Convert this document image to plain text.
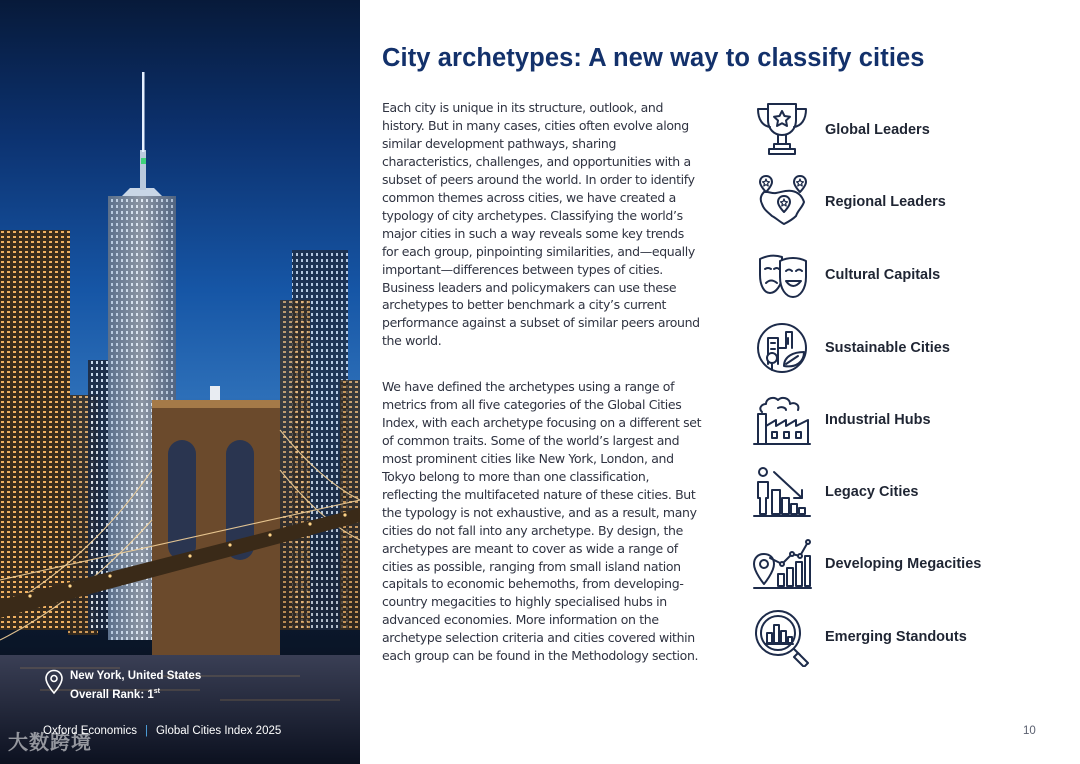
New York, United States
Overall Rank: 1st
Oxford Economics | Global Cities Index 2025
大数跨境
City archetypes: A new way to classify cities

Each city is unique in its structure, outlook, and history. But in many cases, cities often evolve along similar development pathways, sharing characteristics, challenges, and opportunities with a subset of peers around the world. In order to identify common themes across cities, we have created a typology of city archetypes. Classifying the world’s major cities in such a way reveals some key trends for each group, pinpointing similarities, and—equally important—differences between types of cities. Business leaders and policymakers can use these archetypes to better benchmark a city’s current performance against a subset of similar peers around the world.

We have defined the archetypes using a range of metrics from all five categories of the Global Cities Index, with each archetype focusing on a different set of common traits. Some of the world’s largest and most prominent cities like New York, London, and Tokyo belong to more than one classification, reflecting the multifaceted nature of these cities. But the typology is not exhaustive, and as a result, many cities do not fall into any archetype. By design, the archetypes are meant to cover as wide a range of cities as possible, ranging from small island nation capitals to economic behemoths, from developing-country megacities to highly specialised hubs in advanced economies. More information on the archetype selection criteria and cities covered within each group can be found in the Methodology section.

Global Leaders
Regional Leaders
Cultural Capitals
Sustainable Cities
Industrial Hubs
Legacy Cities
Developing Megacities
Emerging Standouts
10
